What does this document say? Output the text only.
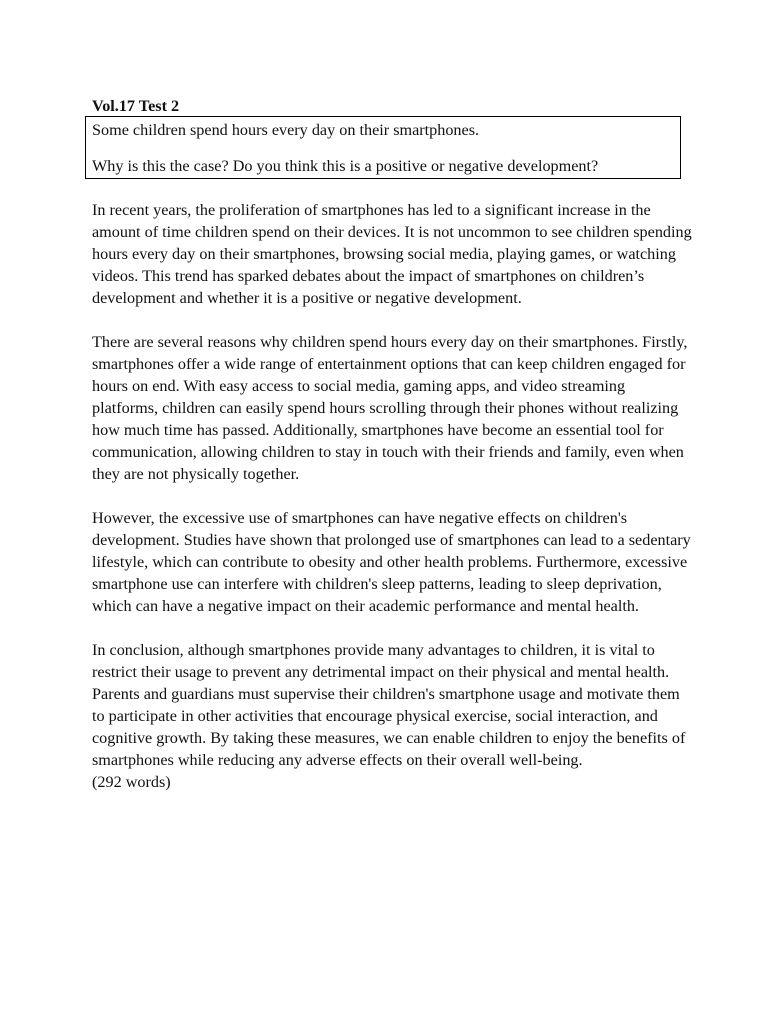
Vol.17 Test 2

Some children spend hours every day on their smartphones.

Why is this the case? Do you think this is a positive or negative development?

In recent years, the proliferation of smartphones has led to a significant increase in the amount of time children spend on their devices. It is not uncommon to see children spending hours every day on their smartphones, browsing social media, playing games, or watching videos. This trend has sparked debates about the impact of smartphones on children’s development and whether it is a positive or negative development.

There are several reasons why children spend hours every day on their smartphones. Firstly, smartphones offer a wide range of entertainment options that can keep children engaged for hours on end. With easy access to social media, gaming apps, and video streaming platforms, children can easily spend hours scrolling through their phones without realizing how much time has passed. Additionally, smartphones have become an essential tool for communication, allowing children to stay in touch with their friends and family, even when they are not physically together.

However, the excessive use of smartphones can have negative effects on children's development. Studies have shown that prolonged use of smartphones can lead to a sedentary lifestyle, which can contribute to obesity and other health problems. Furthermore, excessive smartphone use can interfere with children's sleep patterns, leading to sleep deprivation, which can have a negative impact on their academic performance and mental health.

In conclusion, although smartphones provide many advantages to children, it is vital to restrict their usage to prevent any detrimental impact on their physical and mental health. Parents and guardians must supervise their children's smartphone usage and motivate them to participate in other activities that encourage physical exercise, social interaction, and cognitive growth. By taking these measures, we can enable children to enjoy the benefits of smartphones while reducing any adverse effects on their overall well-being.

(292 words)
